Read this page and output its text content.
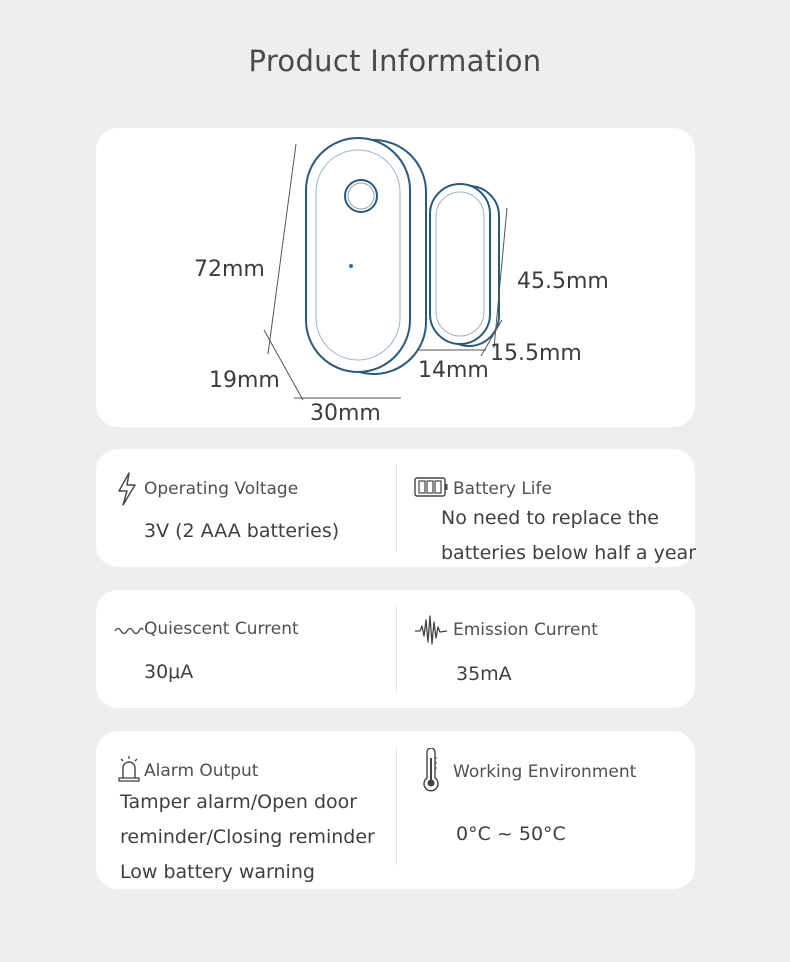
Product Information
72mm
19mm
30mm
45.5mm
15.5mm
14mm
Operating Voltage
3V (2 AAA batteries)
Battery Life
No need to replace the
batteries below half a year
Quiescent Current
30μA
Emission Current
35mA
Alarm Output
Tamper alarm/Open door
reminder/Closing reminder
Low battery warning
Working Environment
0°C ~ 50°C
